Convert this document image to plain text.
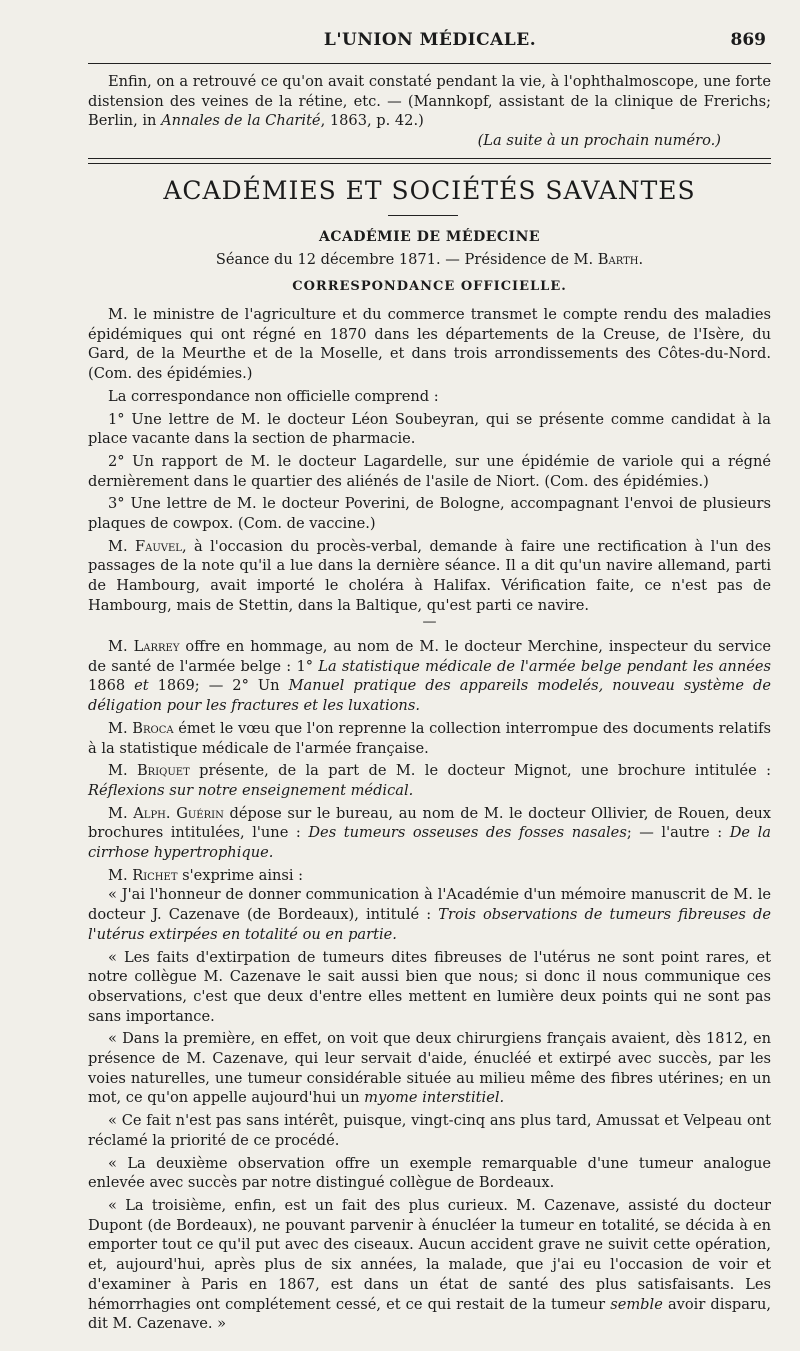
L'UNION MÉDICALE.	869

Enfin, on a retrouvé ce qu'on avait constaté pendant la vie, à l'ophthalmoscope, une forte distension des veines de la rétine, etc. — (Mannkopf, assistant de la clinique de Frerichs; Berlin, in Annales de la Charité, 1863, p. 42.)

(La suite à un prochain numéro.)

ACADÉMIES ET SOCIÉTÉS SAVANTES
ACADÉMIE DE MÉDECINE
Séance du 12 décembre 1871. — Présidence de M. Barth.
CORRESPONDANCE OFFICIELLE.

M. le ministre de l'agriculture et du commerce transmet le compte rendu des maladies épidémiques qui ont régné en 1870 dans les départements de la Creuse, de l'Isère, du Gard, de la Meurthe et de la Moselle, et dans trois arrondissements des Côtes-du-Nord. (Com. des épidémies.)

La correspondance non officielle comprend :

1° Une lettre de M. le docteur Léon Soubeyran, qui se présente comme candidat à la place vacante dans la section de pharmacie.

2° Un rapport de M. le docteur Lagardelle, sur une épidémie de variole qui a régné dernièrement dans le quartier des aliénés de l'asile de Niort. (Com. des épidémies.)

3° Une lettre de M. le docteur Poverini, de Bologne, accompagnant l'envoi de plusieurs plaques de cowpox. (Com. de vaccine.)

M. Fauvel, à l'occasion du procès-verbal, demande à faire une rectification à l'un des passages de la note qu'il a lue dans la dernière séance. Il a dit qu'un navire allemand, parti de Hambourg, avait importé le choléra à Halifax. Vérification faite, ce n'est pas de Hambourg, mais de Stettin, dans la Baltique, qu'est parti ce navire.

—

M. Larrey offre en hommage, au nom de M. le docteur Merchine, inspecteur du service de santé de l'armée belge : 1° La statistique médicale de l'armée belge pendant les années 1868 et 1869; — 2° Un Manuel pratique des appareils modelés, nouveau système de déligation pour les fractures et les luxations.

M. Broca émet le vœu que l'on reprenne la collection interrompue des documents relatifs à la statistique médicale de l'armée française.

M. Briquet présente, de la part de M. le docteur Mignot, une brochure intitulée : Réflexions sur notre enseignement médical.

M. Alph. Guérin dépose sur le bureau, au nom de M. le docteur Ollivier, de Rouen, deux brochures intitulées, l'une : Des tumeurs osseuses des fosses nasales; — l'autre : De la cirrhose hypertrophique.

M. Richet s'exprime ainsi :

« J'ai l'honneur de donner communication à l'Académie d'un mémoire manuscrit de M. le docteur J. Cazenave (de Bordeaux), intitulé : Trois observations de tumeurs fibreuses de l'utérus extirpées en totalité ou en partie.

« Les faits d'extirpation de tumeurs dites fibreuses de l'utérus ne sont point rares, et notre collègue M. Cazenave le sait aussi bien que nous; si donc il nous communique ces observations, c'est que deux d'entre elles mettent en lumière deux points qui ne sont pas sans importance.

« Dans la première, en effet, on voit que deux chirurgiens français avaient, dès 1812, en présence de M. Cazenave, qui leur servait d'aide, énucléé et extirpé avec succès, par les voies naturelles, une tumeur considérable située au milieu même des fibres utérines; en un mot, ce qu'on appelle aujourd'hui un myome interstitiel.

« Ce fait n'est pas sans intérêt, puisque, vingt-cinq ans plus tard, Amussat et Velpeau ont réclamé la priorité de ce procédé.

« La deuxième observation offre un exemple remarquable d'une tumeur analogue enlevée avec succès par notre distingué collègue de Bordeaux.

« La troisième, enfin, est un fait des plus curieux. M. Cazenave, assisté du docteur Dupont (de Bordeaux), ne pouvant parvenir à énucléer la tumeur en totalité, se décida à en emporter tout ce qu'il put avec des ciseaux. Aucun accident grave ne suivit cette opération, et, aujourd'hui, après plus de six années, la malade, que j'ai eu l'occasion de voir et d'examiner à Paris en 1867, est dans un état de santé des plus satisfaisants. Les hémorrhagies ont complétement cessé, et ce qui restait de la tumeur semble avoir disparu, dit M. Cazenave. »
